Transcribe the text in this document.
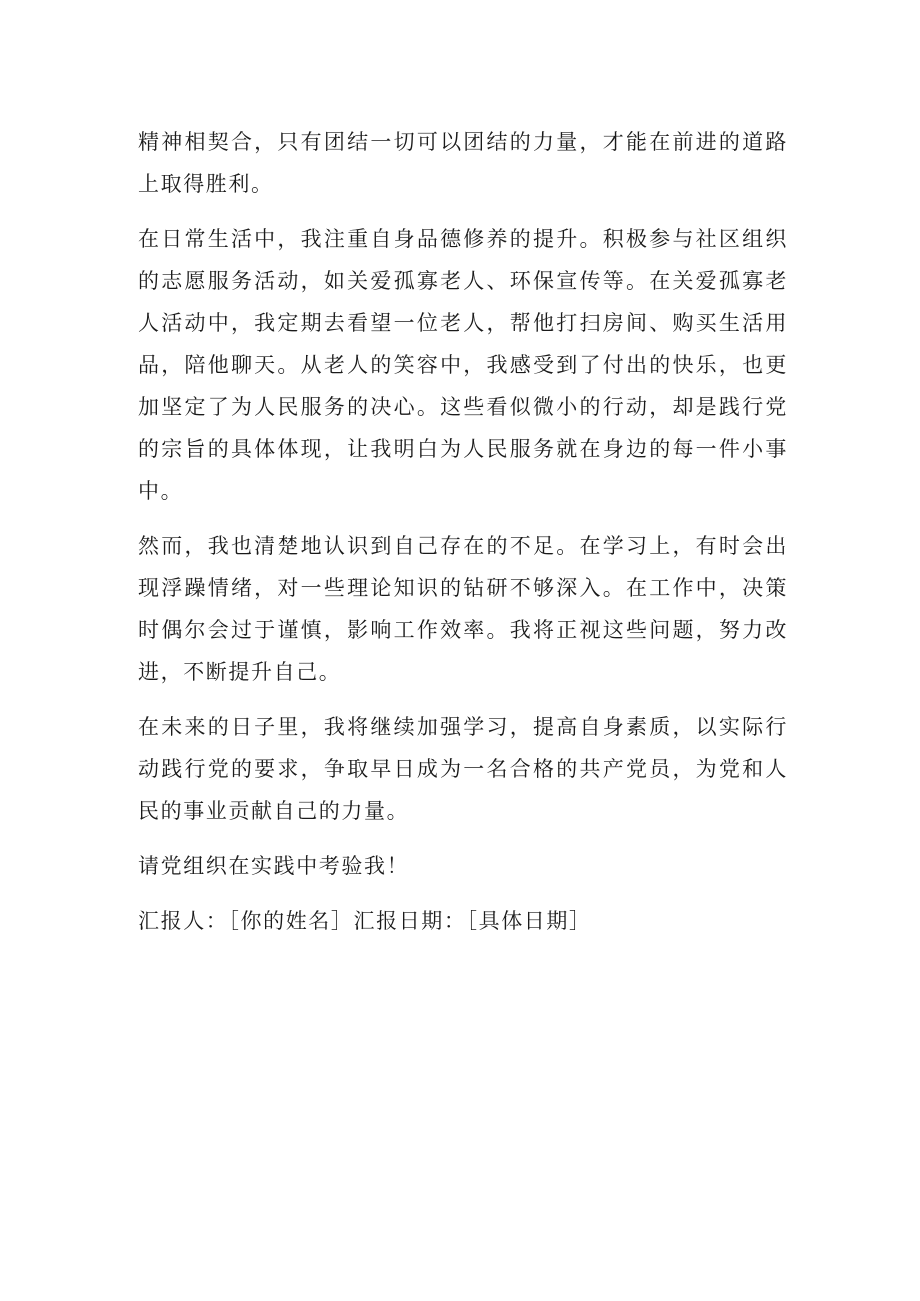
精神相契合，只有团结一切可以团结的力量，才能在前进的道路上取得胜利。

在日常生活中，我注重自身品德修养的提升。积极参与社区组织的志愿服务活动，如关爱孤寡老人、环保宣传等。在关爱孤寡老人活动中，我定期去看望一位老人，帮他打扫房间、购买生活用品，陪他聊天。从老人的笑容中，我感受到了付出的快乐，也更加坚定了为人民服务的决心。这些看似微小的行动，却是践行党的宗旨的具体体现，让我明白为人民服务就在身边的每一件小事中。

然而，我也清楚地认识到自己存在的不足。在学习上，有时会出现浮躁情绪，对一些理论知识的钻研不够深入。在工作中，决策时偶尔会过于谨慎，影响工作效率。我将正视这些问题，努力改进，不断提升自己。

在未来的日子里，我将继续加强学习，提高自身素质，以实际行动践行党的要求，争取早日成为一名合格的共产党员，为党和人民的事业贡献自己的力量。

请党组织在实践中考验我！

汇报人：［你的姓名］汇报日期：［具体日期］
